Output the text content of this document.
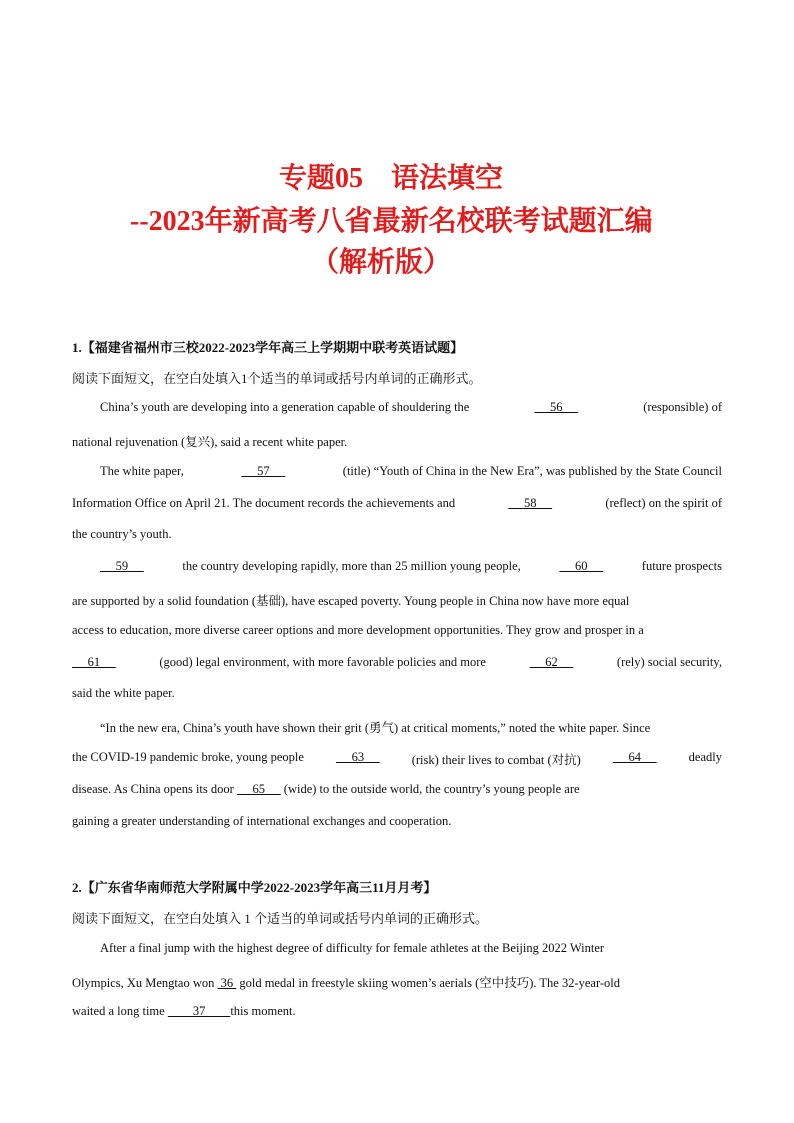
专题05 语法填空
--2023年新高考八省最新名校联考试题汇编
（解析版）
1.【福建省福州市三校2022-2023学年高三上学期期中联考英语试题】
阅读下面短文，在空白处填入1个适当的单词或括号内单词的正确形式。
China’s youth are developing into a generation capable of shouldering the	56	(responsible) of
national rejuvenation (复兴), said a recent white paper.
The white paper,	57	(title) “Youth of China in the New Era”, was published by the State Council
Information Office on April 21. The document records the achievements and	58	(reflect) on the spirit of
the country’s youth.
59	the country developing rapidly, more than 25 million young people,	60	future prospects
are supported by a solid foundation (基础), have escaped poverty. Young people in China now have more equal
access to education, more diverse career options and more development opportunities. They grow and prosper in a
61	(good) legal environment, with more favorable policies and more	62	(rely) social security,
said the white paper.
“In the new era, China’s youth have shown their grit (勇气) at critical moments,” noted the white paper. Since
the COVID-19 pandemic broke, young people	63	(risk) their lives to combat (对抗)	64	deadly
disease. As China opens its door      65      (wide) to the outside world, the country’s young people are
gaining a greater understanding of international exchanges and cooperation.
2.【广东省华南师范大学附属中学2022-2023学年高三11月月考】
阅读下面短文，在空白处填入 1 个适当的单词或括号内单词的正确形式。
After a final jump with the highest degree of difficulty for female athletes at the Beijing 2022 Winter
Olympics, Xu Mengtao won  36  gold medal in freestyle skiing women’s aerials (空中技巧). The 32-year-old
waited a long time         37        this moment.
